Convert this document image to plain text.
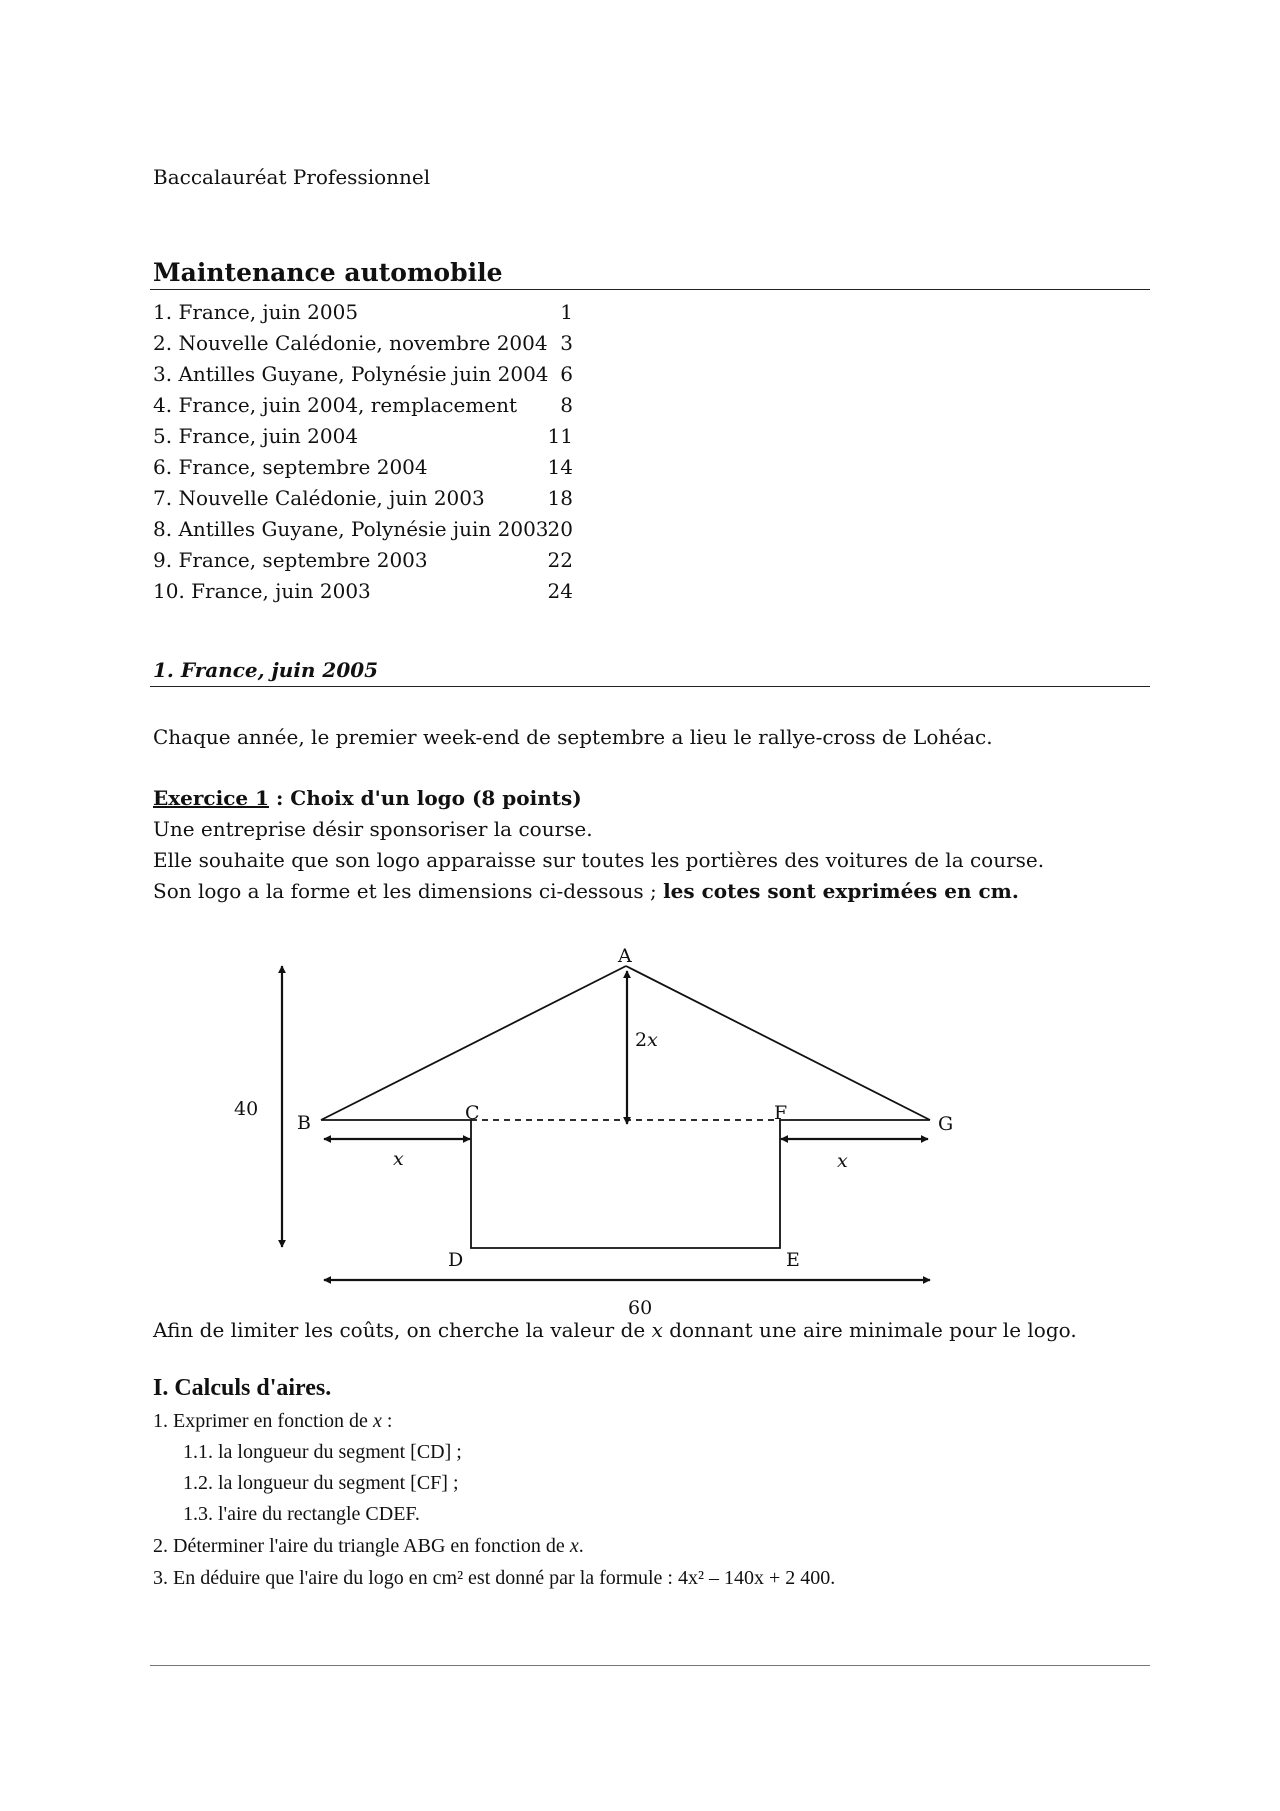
Baccalauréat Professionnel
Maintenance automobile
1. France, juin 2005	1
2. Nouvelle Calédonie, novembre 2004 3
3. Antilles Guyane, Polynésie juin 2004 6
4. France, juin 2004, remplacement 8
5. France, juin 2004	11
6. France, septembre 2004	14
7. Nouvelle Calédonie, juin 2003	18
8. Antilles Guyane, Polynésie juin 2003 20
9. France, septembre 2003	22
10. France, juin 2003	24
1. France, juin 2005
Chaque année, le premier week-end de septembre a lieu le rallye-cross de Lohéac.
Exercice 1 : Choix d'un logo (8 points)
Une entreprise désir sponsoriser la course.
Elle souhaite que son logo apparaisse sur toutes les portières des voitures de la course.
Son logo a la forme et les dimensions ci-dessous ; les cotes sont exprimées en cm.
A
B	C
D	E
F	G
40
60
x	x
2x
Afin de limiter les coûts, on cherche la valeur de x donnant une aire minimale pour le logo.
I. Calculs d'aires.
1. Exprimer en fonction de x :
1.1. la longueur du segment [CD] ;
1.2. la longueur du segment [CF] ;
1.3. l'aire du rectangle CDEF.
2. Déterminer l'aire du triangle ABG en fonction de x.
3. En déduire que l'aire du logo en cm² est donné par la formule : 4x² – 140x + 2 400.
